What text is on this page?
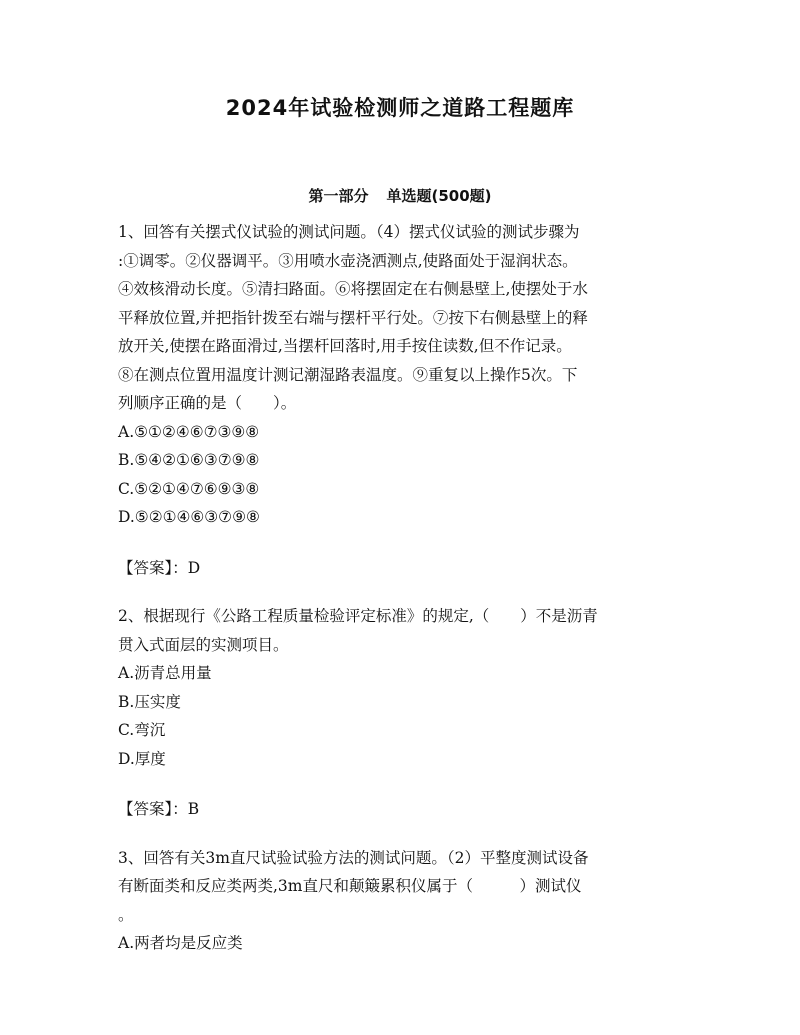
2024年试验检测师之道路工程题库
第一部分 单选题(500题)
1、回答有关摆式仪试验的测试问题。（4）摆式仪试验的测试步骤为
:①调零。②仪器调平。③用喷水壶浇洒测点,使路面处于湿润状态。
④效核滑动长度。⑤清扫路面。⑥将摆固定在右侧悬壁上,使摆处于水
平释放位置,并把指针拨至右端与摆杆平行处。⑦按下右侧悬壁上的释
放开关,使摆在路面滑过,当摆杆回落时,用手按住读数,但不作记录。
⑧在测点位置用温度计测记潮湿路表温度。⑨重复以上操作5次。下
列顺序正确的是（　　）。
A.⑤①②④⑥⑦③⑨⑧
B.⑤④②①⑥③⑦⑨⑧
C.⑤②①④⑦⑥⑨③⑧
D.⑤②①④⑥③⑦⑨⑧
【答案】：D
2、根据现行《公路工程质量检验评定标准》的规定,（　　）不是沥青
贯入式面层的实测项目。
A.沥青总用量
B.压实度
C.弯沉
D.厚度
【答案】：B
3、回答有关3m直尺试验试验方法的测试问题。（2）平整度测试设备
有断面类和反应类两类,3m直尺和颠簸累积仪属于（　　　）测试仪
。
A.两者均是反应类
